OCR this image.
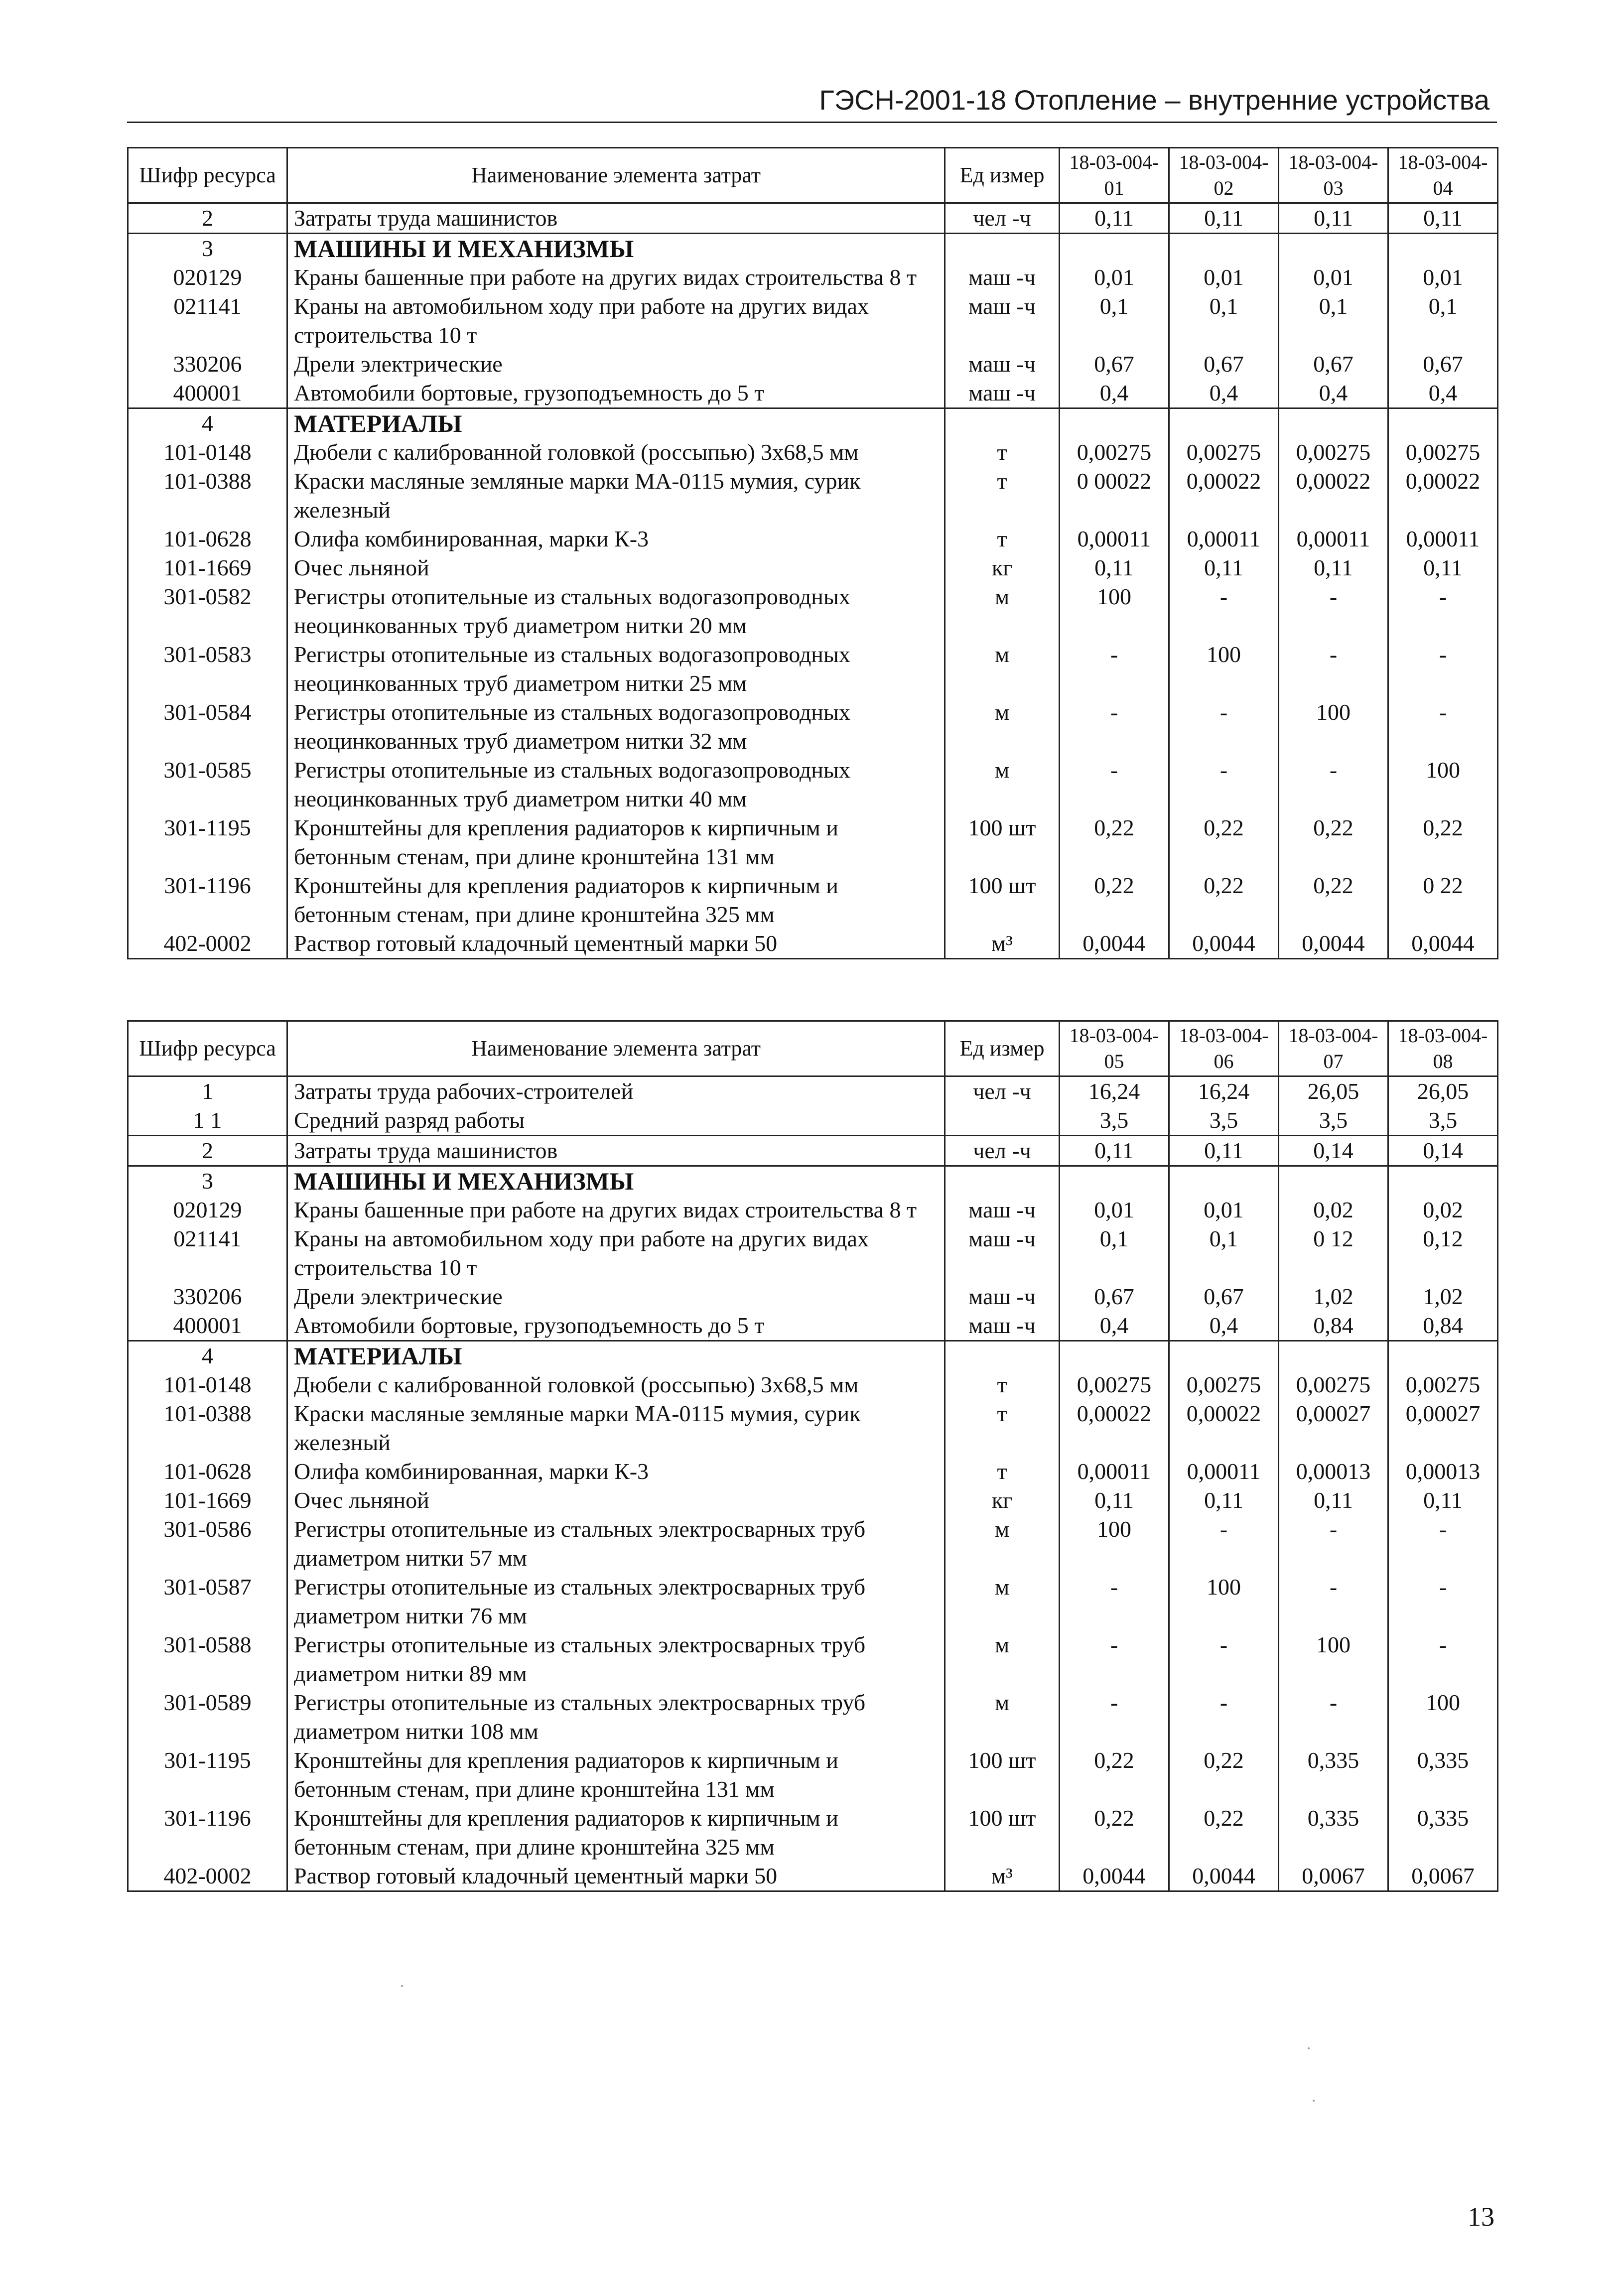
ГЭСН-2001-18 Отопление – внутренние устройства
Шифр ресурса	Наименование элемента затрат	Ед измер	18-03-004-01	18-03-004-02	18-03-004-03	18-03-004-04
2	Затраты труда машинистов	чел -ч	0,11	0,11	0,11	0,11
3	МАШИНЫ И МЕХАНИЗМЫ					
020129	Краны башенные при работе на других видах строительства 8 т	маш -ч	0,01	0,01	0,01	0,01
021141	Краны на автомобильном ходу при работе на других видах строительства 10 т	маш -ч	0,1	0,1	0,1	0,1
330206	Дрели электрические	маш -ч	0,67	0,67	0,67	0,67
400001	Автомобили бортовые, грузоподъемность до 5 т	маш -ч	0,4	0,4	0,4	0,4
4	МАТЕРИАЛЫ					
101-0148	Дюбели с калиброванной головкой (россыпью) 3х68,5 мм	т	0,00275	0,00275	0,00275	0,00275
101-0388	Краски масляные земляные марки МА-0115 мумия, сурик железный	т	0 00022	0,00022	0,00022	0,00022
101-0628	Олифа комбинированная, марки К-3	т	0,00011	0,00011	0,00011	0,00011
101-1669	Очес льняной	кг	0,11	0,11	0,11	0,11
301-0582	Регистры отопительные из стальных водогазопроводных неоцинкованных труб диаметром нитки 20 мм	м	100	-	-	-
301-0583	Регистры отопительные из стальных водогазопроводных неоцинкованных труб диаметром нитки 25 мм	м	-	100	-	-
301-0584	Регистры отопительные из стальных водогазопроводных неоцинкованных труб диаметром нитки 32 мм	м	-	-	100	-
301-0585	Регистры отопительные из стальных водогазопроводных неоцинкованных труб диаметром нитки 40 мм	м	-	-	-	100
301-1195	Кронштейны для крепления радиаторов к кирпичным и бетонным стенам, при длине кронштейна 131 мм	100 шт	0,22	0,22	0,22	0,22
301-1196	Кронштейны для крепления радиаторов к кирпичным и бетонным стенам, при длине кронштейна 325 мм	100 шт	0,22	0,22	0,22	0 22
402-0002	Раствор готовый кладочный цементный марки 50	м³	0,0044	0,0044	0,0044	0,0044
Шифр ресурса	Наименование элемента затрат	Ед измер	18-03-004-05	18-03-004-06	18-03-004-07	18-03-004-08
1	Затраты труда рабочих-строителей	чел -ч	16,24	16,24	26,05	26,05
1 1	Средний разряд работы		3,5	3,5	3,5	3,5
2	Затраты труда машинистов	чел -ч	0,11	0,11	0,14	0,14
3	МАШИНЫ И МЕХАНИЗМЫ					
020129	Краны башенные при работе на других видах строительства 8 т	маш -ч	0,01	0,01	0,02	0,02
021141	Краны на автомобильном ходу при работе на других видах строительства 10 т	маш -ч	0,1	0,1	0 12	0,12
330206	Дрели электрические	маш -ч	0,67	0,67	1,02	1,02
400001	Автомобили бортовые, грузоподъемность до 5 т	маш -ч	0,4	0,4	0,84	0,84
4	МАТЕРИАЛЫ					
101-0148	Дюбели с калиброванной головкой (россыпью) 3х68,5 мм	т	0,00275	0,00275	0,00275	0,00275
101-0388	Краски масляные земляные марки МА-0115 мумия, сурик железный	т	0,00022	0,00022	0,00027	0,00027
101-0628	Олифа комбинированная, марки К-3	т	0,00011	0,00011	0,00013	0,00013
101-1669	Очес льняной	кг	0,11	0,11	0,11	0,11
301-0586	Регистры отопительные из стальных электросварных труб диаметром нитки 57 мм	м	100	-	-	-
301-0587	Регистры отопительные из стальных электросварных труб диаметром нитки 76 мм	м	-	100	-	-
301-0588	Регистры отопительные из стальных электросварных труб диаметром нитки 89 мм	м	-	-	100	-
301-0589	Регистры отопительные из стальных электросварных труб диаметром нитки 108 мм	м	-	-	-	100
301-1195	Кронштейны для крепления радиаторов к кирпичным и бетонным стенам, при длине кронштейна 131 мм	100 шт	0,22	0,22	0,335	0,335
301-1196	Кронштейны для крепления радиаторов к кирпичным и бетонным стенам, при длине кронштейна 325 мм	100 шт	0,22	0,22	0,335	0,335
402-0002	Раствор готовый кладочный цементный марки 50	м³	0,0044	0,0044	0,0067	0,0067
13
